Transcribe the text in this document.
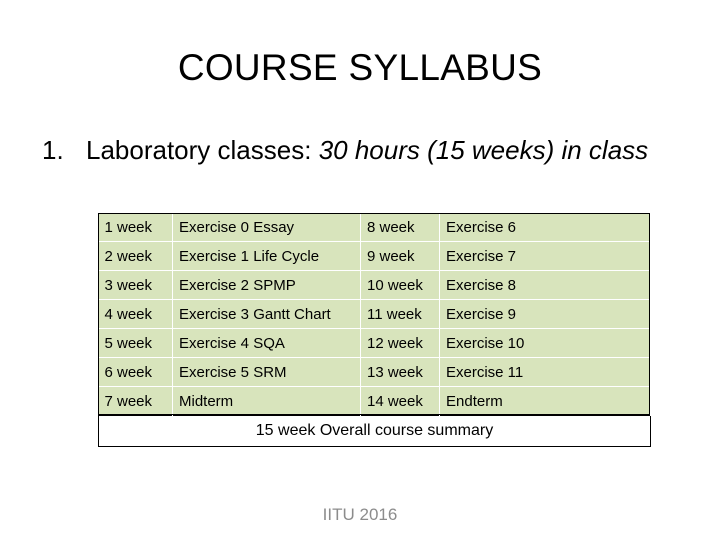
COURSE SYLLABUS
1. Laboratory classes: 30 hours (15 weeks) in class
1 week	Exercise 0 Essay	8 week	Exercise 6
2 week	Exercise 1 Life Cycle	9 week	Exercise 7
3 week	Exercise 2 SPMP	10 week	Exercise 8
4 week	Exercise 3 Gantt Chart	11 week	Exercise 9
5 week	Exercise 4 SQA	12 week	Exercise 10
6 week	Exercise 5 SRM	13 week	Exercise 11
7 week	Midterm	14 week	Endterm
15 week Overall course summary			
IITU 2016
